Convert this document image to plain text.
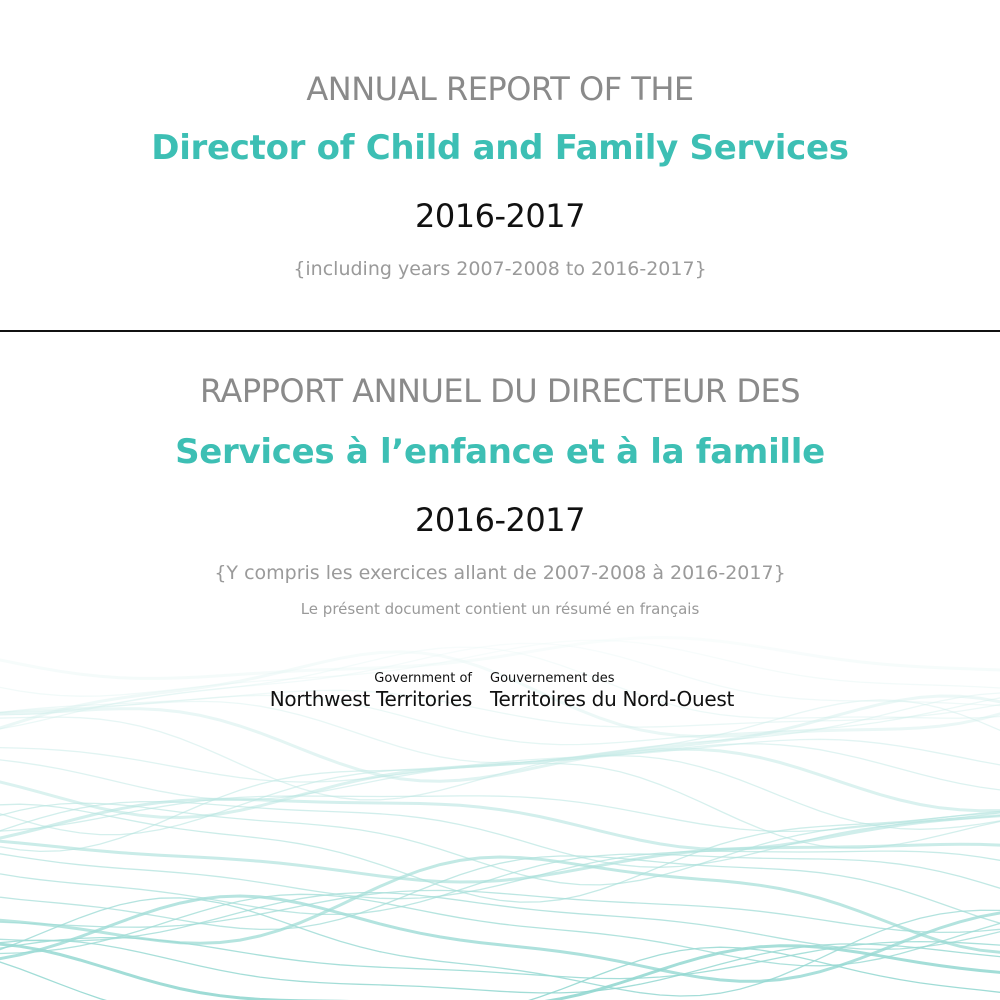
ANNUAL REPORT OF THE
Director of Child and Family Services
2016-2017
{including years 2007-2008 to 2016-2017}
RAPPORT ANNUEL DU DIRECTEUR DES
Services à l’enfance et à la famille
2016-2017
{Y compris les exercices allant de 2007-2008 à 2016-2017}
Le présent document contient un résumé en français
Government of
Northwest Territories
Gouvernement des
Territoires du Nord-Ouest
